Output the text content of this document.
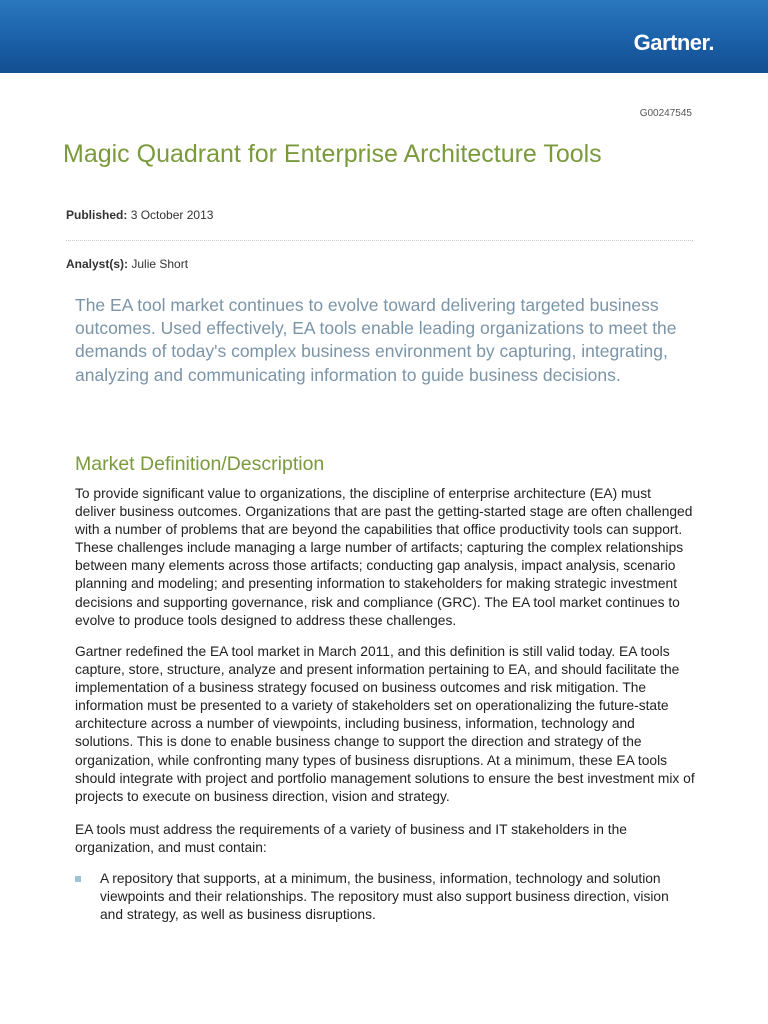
Gartner.
G00247545
Magic Quadrant for Enterprise Architecture Tools
Published: 3 October 2013
Analyst(s): Julie Short

The EA tool market continues to evolve toward delivering targeted business outcomes. Used effectively, EA tools enable leading organizations to meet the demands of today's complex business environment by capturing, integrating, analyzing and communicating information to guide business decisions.

Market Definition/Description

To provide significant value to organizations, the discipline of enterprise architecture (EA) must deliver business outcomes. Organizations that are past the getting-started stage are often challenged with a number of problems that are beyond the capabilities that office productivity tools can support. These challenges include managing a large number of artifacts; capturing the complex relationships between many elements across those artifacts; conducting gap analysis, impact analysis, scenario planning and modeling; and presenting information to stakeholders for making strategic investment decisions and supporting governance, risk and compliance (GRC). The EA tool market continues to evolve to produce tools designed to address these challenges.

Gartner redefined the EA tool market in March 2011, and this definition is still valid today. EA tools capture, store, structure, analyze and present information pertaining to EA, and should facilitate the implementation of a business strategy focused on business outcomes and risk mitigation. The information must be presented to a variety of stakeholders set on operationalizing the future-state architecture across a number of viewpoints, including business, information, technology and solutions. This is done to enable business change to support the direction and strategy of the organization, while confronting many types of business disruptions. At a minimum, these EA tools should integrate with project and portfolio management solutions to ensure the best investment mix of projects to execute on business direction, vision and strategy.

EA tools must address the requirements of a variety of business and IT stakeholders in the organization, and must contain:

A repository that supports, at a minimum, the business, information, technology and solution viewpoints and their relationships. The repository must also support business direction, vision and strategy, as well as business disruptions.
